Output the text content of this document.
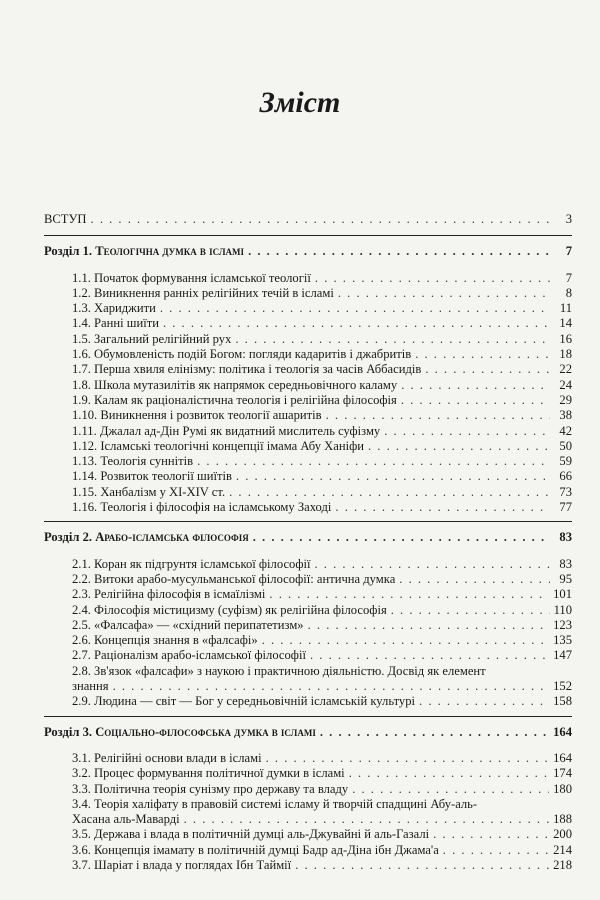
Зміст
ВСТУП . . .	3
Розділ 1. Теологічна думка в ісламі . . .	7
1.1. Початок формування ісламської теології . . .	7
1.2. Виникнення ранніх релігійних течій в ісламі . . .	8
1.3. Хариджити . . .	11
1.4. Ранні шиїти . . .	14
1.5. Загальний релігійний рух . . .	16
1.6. Обумовленість подій Богом: погляди кадаритів і джабритів . . .	18
1.7. Перша хвиля елінізму: політика і теологія за часів Аббасидів . . .	22
1.8. Школа мутазилітів як напрямок середньовічного каламу . . .	24
1.9. Калам як раціоналістична теологія і релігійна філософія . . .	29
1.10. Виникнення і розвиток теології ашаритів . . .	38
1.11. Джалал ад-Дін Румі як видатний мислитель суфізму . . .	42
1.12. Ісламські теологічні концепції імама Абу Ханіфи . . .	50
1.13. Теологія суннітів . . .	59
1.14. Розвиток теології шиїтів . . .	66
1.15. Ханбалізм у ХІ-ХІV ст. . . .	73
1.16. Теологія і філософія на ісламському Заході . . .	77
Розділ 2. Арабо-ісламська філософія . . .	83
2.1. Коран як підгрунтя ісламської філософії . . .	83
2.2. Витоки арабо-мусульманської філософії: антична думка . . .	95
2.3. Релігійна філософія в ісмаїлізмі . . .	101
2.4. Філософія містицизму (суфізм) як релігійна філософія . . .	110
2.5. «Фалсафа» — «східний перипатетизм» . . .	123
2.6. Концепція знання в «фалсафі» . . .	135
2.7. Раціоналізм арабо-ісламської філософії . . .	147
2.8. Зв'язок «фалсафи» з наукою і практичною діяльністю. Досвід як елемент
знання . . .	152
2.9. Людина — світ — Бог у середньовічній ісламській культурі . . .	158
Розділ 3. Соціально-філософська думка в ісламі . . .	164
3.1. Релігійні основи влади в ісламі . . .	164
3.2. Процес формування політичної думки в ісламі . . .	174
3.3. Політична теорія сунізму про державу та владу . . .	180
3.4. Теорія халіфату в правовій системі ісламу й творчій спадщині Абу-аль-
Хасана аль-Маварді . . .	188
3.5. Держава і влада в політичній думці аль-Джувайні й аль-Газалі . . .	200
3.6. Концепція імамату в політичній думці Бадр ад-Діна ібн Джама'а . . .	214
3.7. Шаріат і влада у поглядах Ібн Таймії . . .	218
